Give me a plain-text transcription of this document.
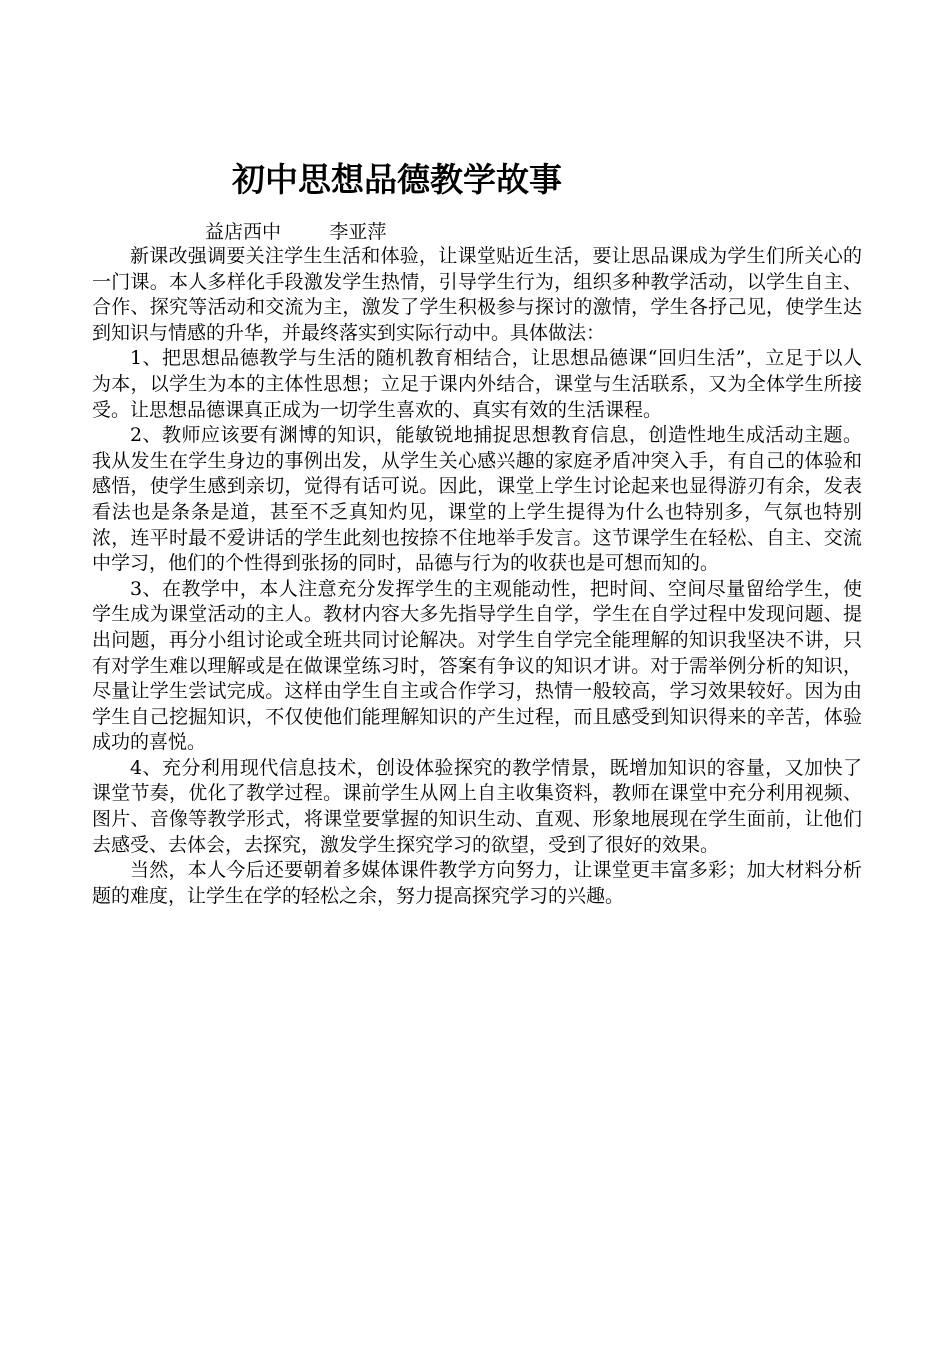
初中思想品德教学故事
益店西中	李亚萍

新课改强调要关注学生生活和体验，让课堂贴近生活，要让思品课成为学生们所关心的一门课。本人多样化手段激发学生热情，引导学生行为，组织多种教学活动，以学生自主、合作、探究等活动和交流为主，激发了学生积极参与探讨的激情，学生各抒己见，使学生达到知识与情感的升华，并最终落实到实际行动中。具体做法：

1、把思想品德教学与生活的随机教育相结合，让思想品德课“回归生活”，立足于以人为本，以学生为本的主体性思想；立足于课内外结合，课堂与生活联系，又为全体学生所接受。让思想品德课真正成为一切学生喜欢的、真实有效的生活课程。

2、教师应该要有渊博的知识，能敏锐地捕捉思想教育信息，创造性地生成活动主题。我从发生在学生身边的事例出发，从学生关心感兴趣的家庭矛盾冲突入手，有自己的体验和感悟，使学生感到亲切，觉得有话可说。因此，课堂上学生讨论起来也显得游刃有余，发表看法也是条条是道，甚至不乏真知灼见，课堂的上学生提得为什么也特别多，气氛也特别浓，连平时最不爱讲话的学生此刻也按捺不住地举手发言。这节课学生在轻松、自主、交流中学习，他们的个性得到张扬的同时，品德与行为的收获也是可想而知的。

3、在教学中，本人注意充分发挥学生的主观能动性，把时间、空间尽量留给学生，使学生成为课堂活动的主人。教材内容大多先指导学生自学，学生在自学过程中发现问题、提出问题，再分小组讨论或全班共同讨论解决。对学生自学完全能理解的知识我坚决不讲，只有对学生难以理解或是在做课堂练习时，答案有争议的知识才讲。对于需举例分析的知识，尽量让学生尝试完成。这样由学生自主或合作学习，热情一般较高，学习效果较好。因为由学生自己挖掘知识，不仅使他们能理解知识的产生过程，而且感受到知识得来的辛苦，体验成功的喜悦。

4、充分利用现代信息技术，创设体验探究的教学情景，既增加知识的容量，又加快了课堂节奏，优化了教学过程。课前学生从网上自主收集资料，教师在课堂中充分利用视频、图片、音像等教学形式，将课堂要掌握的知识生动、直观、形象地展现在学生面前，让他们去感受、去体会，去探究，激发学生探究学习的欲望，受到了很好的效果。

当然，本人今后还要朝着多媒体课件教学方向努力，让课堂更丰富多彩；加大材料分析题的难度，让学生在学的轻松之余，努力提高探究学习的兴趣。
